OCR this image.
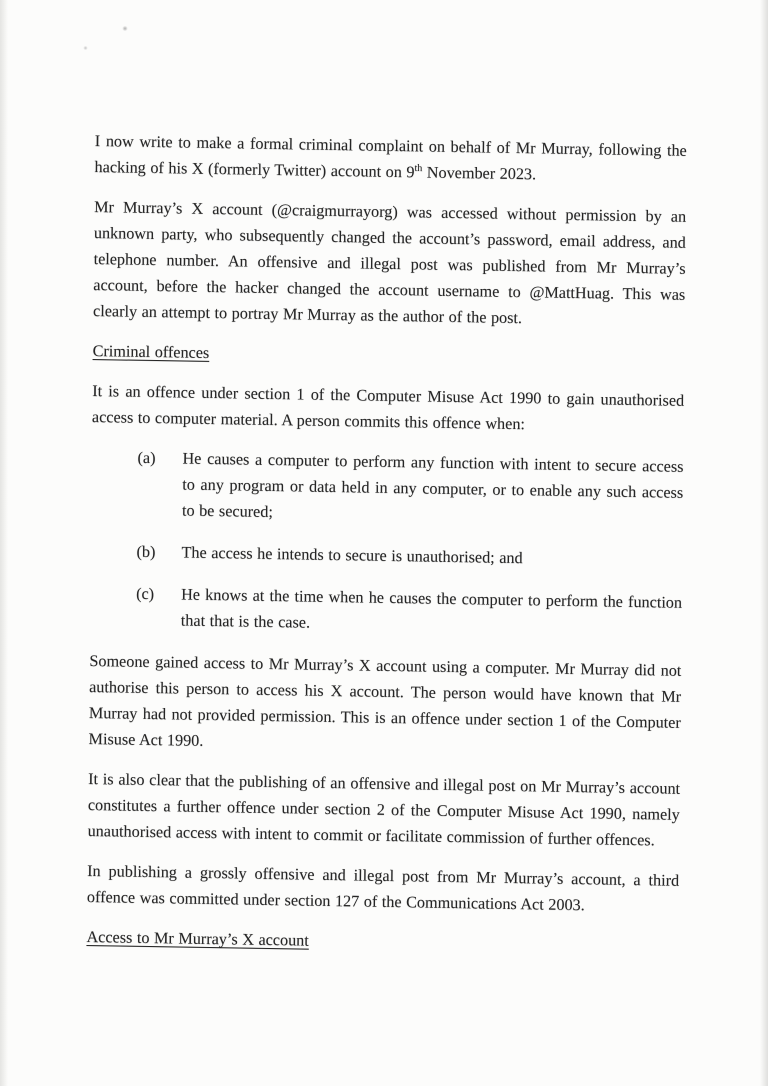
I now write to make a formal criminal complaint on behalf of Mr Murray, following the hacking of his X (formerly Twitter) account on 9th November 2023.

Mr Murray’s X account (@craigmurrayorg) was accessed without permission by an unknown party, who subsequently changed the account’s password, email address, and telephone number. An offensive and illegal post was published from Mr Murray’s account, before the hacker changed the account username to @MattHuag. This was clearly an attempt to portray Mr Murray as the author of the post.

Criminal offences

It is an offence under section 1 of the Computer Misuse Act 1990 to gain unauthorised access to computer material. A person commits this offence when:

(a) He causes a computer to perform any function with intent to secure access to any program or data held in any computer, or to enable any such access to be secured;
(b) The access he intends to secure is unauthorised; and
(c) He knows at the time when he causes the computer to perform the function that that is the case.

Someone gained access to Mr Murray’s X account using a computer. Mr Murray did not authorise this person to access his X account. The person would have known that Mr Murray had not provided permission. This is an offence under section 1 of the Computer Misuse Act 1990.

It is also clear that the publishing of an offensive and illegal post on Mr Murray’s account constitutes a further offence under section 2 of the Computer Misuse Act 1990, namely unauthorised access with intent to commit or facilitate commission of further offences.

In publishing a grossly offensive and illegal post from Mr Murray’s account, a third offence was committed under section 127 of the Communications Act 2003.

Access to Mr Murray’s X account
